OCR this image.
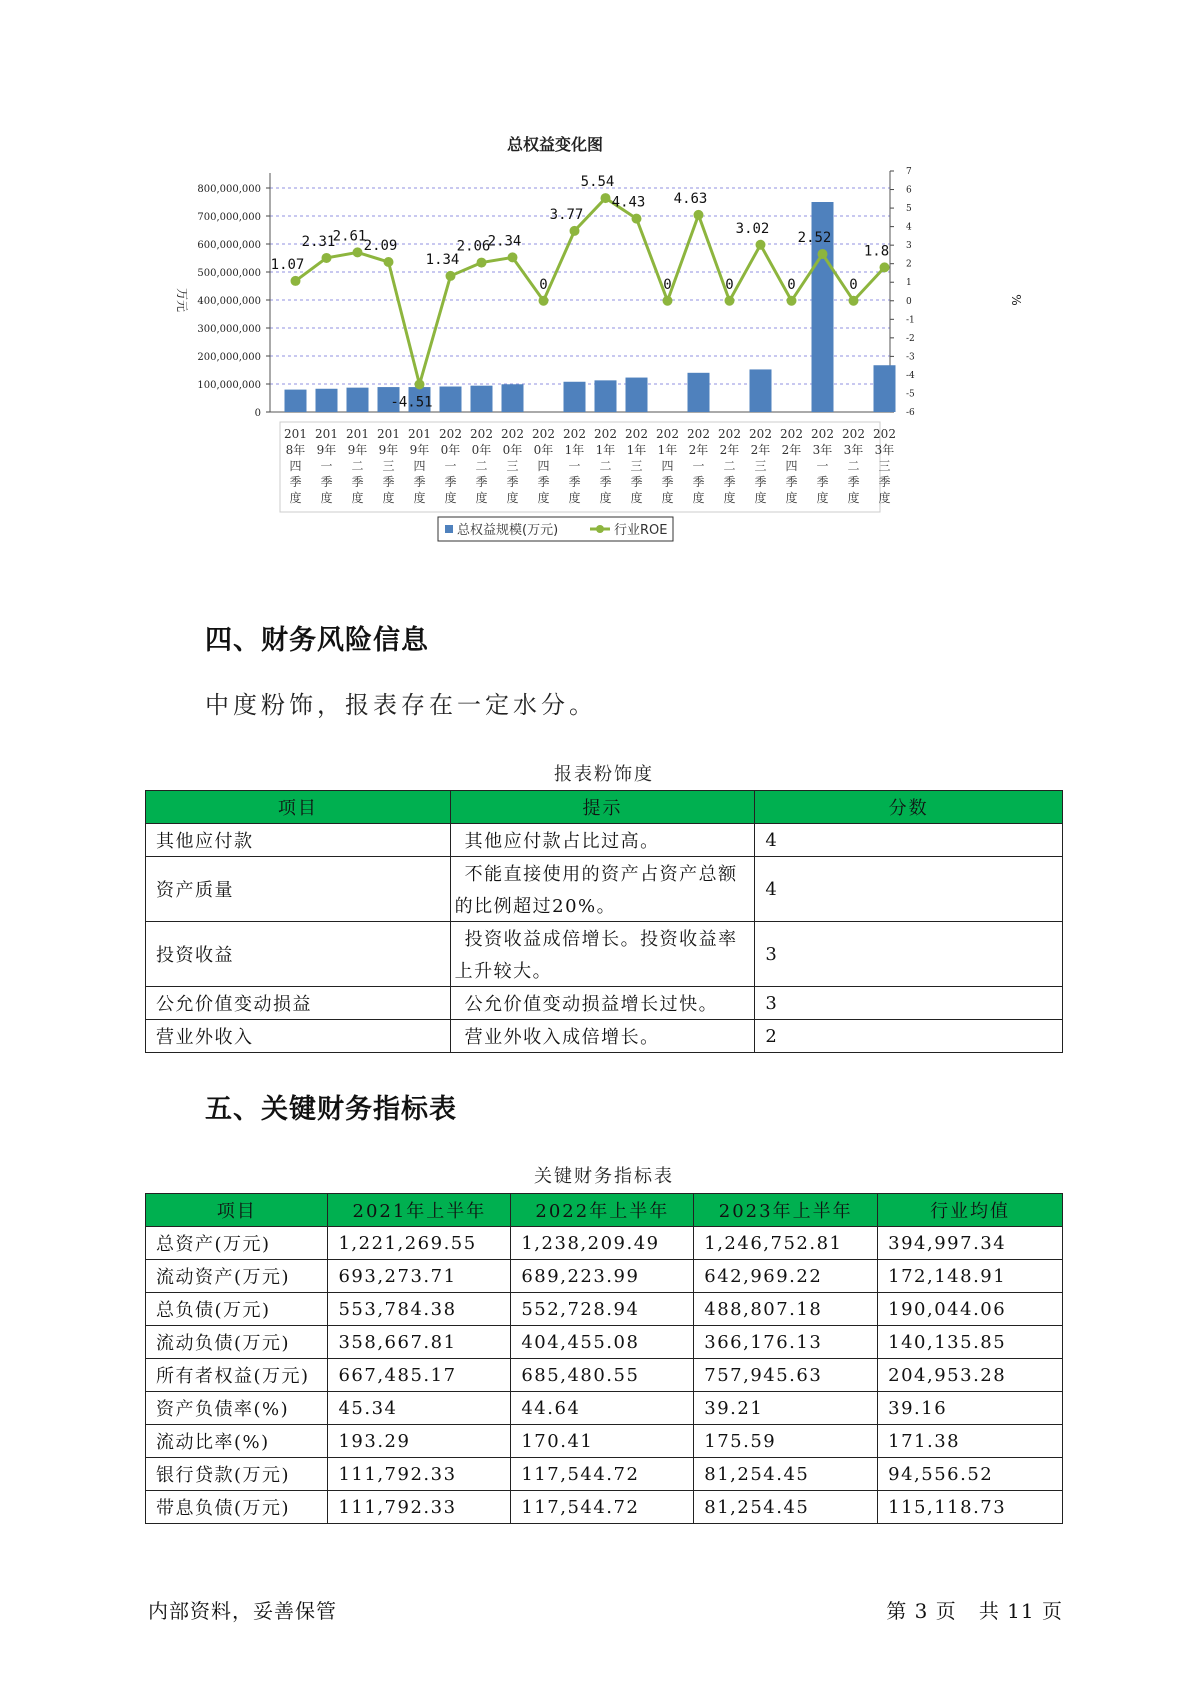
总权益变化图
0
100,000,000
200,000,000
300,000,000
400,000,000
500,000,000
600,000,000
700,000,000
800,000,000
-6
-5
-4
-3
-2
-1
0
1
2
3
4
5
6
7
万元	%
201
8年
四
季
度
201
9年
一
季
度
201
9年
二
季
度
201
9年
三
季
度
201
9年
四
季
度
202
0年
一
季
度
202
0年
二
季
度
202
0年
三
季
度
202
0年
四
季
度
202
1年
一
季
度
202
1年
二
季
度
202
1年
三
季
度
202
1年
四
季
度
202
2年
一
季
度
202
2年
二
季
度
202
2年
三
季
度
202
2年
四
季
度
202
3年
一
季
度
202
3年
二
季
度
202
3年
三
季
度
1.07
2.31
2.61
2.09
-4.51
1.34
2.06
2.34
0
3.77
5.54
4.43
0
4.63
0
3.02
0
2.52
0
1.8
总权益规模(万元)	行业ROE
四、财务风险信息
中度粉饰，报表存在一定水分。
报表粉饰度
项目	提示	分数
其他应付款	其他应付款占比过高。	4
资产质量	不能直接使用的资产占资产总额
的比例超过20%。	4
投资收益	投资收益成倍增长。投资收益率
上升较大。	3
公允价值变动损益	公允价值变动损益增长过快。	3
营业外收入	营业外收入成倍增长。	2
五、关键财务指标表
关键财务指标表
项目	2021年上半年	2022年上半年	2023年上半年	行业均值
总资产(万元)	1,221,269.55	1,238,209.49	1,246,752.81	394,997.34
流动资产(万元)	693,273.71	689,223.99	642,969.22	172,148.91
总负债(万元)	553,784.38	552,728.94	488,807.18	190,044.06
流动负债(万元)	358,667.81	404,455.08	366,176.13	140,135.85
所有者权益(万元)	667,485.17	685,480.55	757,945.63	204,953.28
资产负债率(%)	45.34	44.64	39.21	39.16
流动比率(%)	193.29	170.41	175.59	171.38
银行贷款(万元)	111,792.33	117,544.72	81,254.45	94,556.52
带息负债(万元)	111,792.33	117,544.72	81,254.45	115,118.73
内部资料，妥善保管	第 3 页   共 11 页
